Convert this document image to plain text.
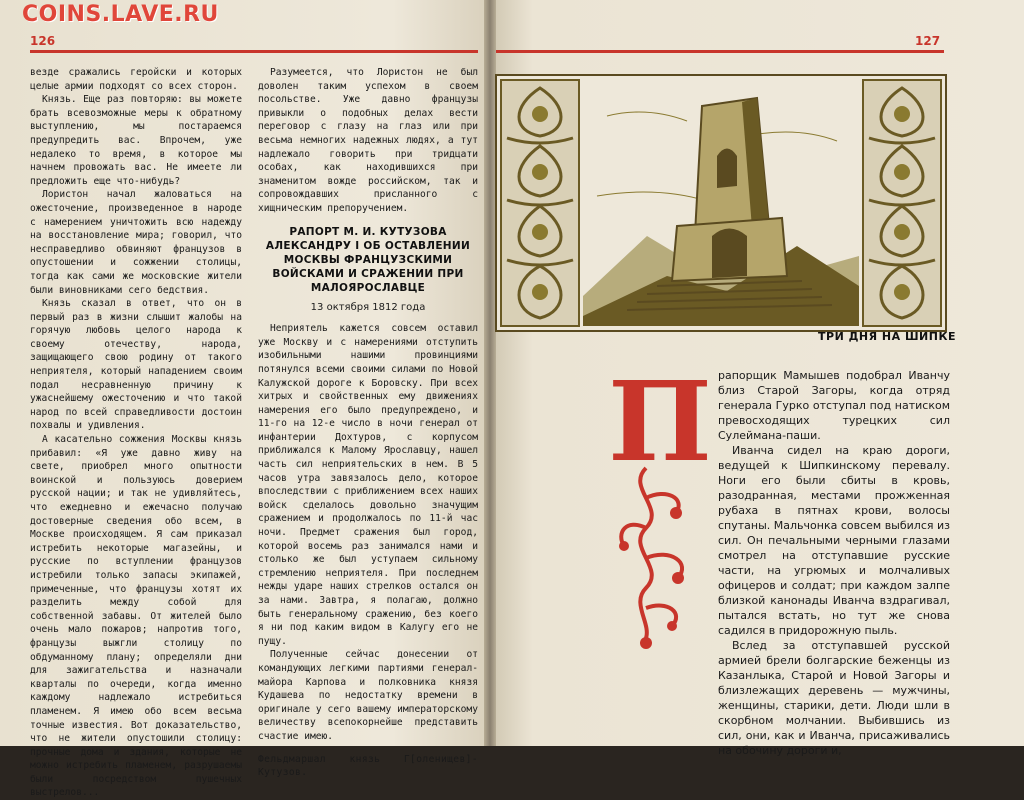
COINS.LAVE.RU
126

везде сражались геройски и которых целые армии подходят со всех сторон.

Князь. Еще раз повторяю: вы можете брать всевозможные меры к обратному выступлению, мы постараемся предупредить вас. Впрочем, уже недалеко то время, в которое мы начнем провожать вас. Не имеете ли предложить еще что-нибудь?

Лористон начал жаловаться на ожесточение, произведенное в народе с намерением уничтожить всю надежду на восстановление мира; говорил, что несправедливо обвиняют французов в опустошении и сожжении столицы, тогда как сами же московские жители были виновниками сего бедствия.

Князь сказал в ответ, что он в первый раз в жизни слышит жалобы на горячую любовь целого народа к своему отечеству, народа, защищающего свою родину от такого неприятеля, который нападением своим подал несравненную причину к ужаснейшему ожесточению и что такой народ по всей справедливости достоин похвалы и удивления.

А касательно сожжения Москвы князь прибавил: «Я уже давно живу на свете, приобрел много опытности воинской и пользуюсь доверием русской нации; и так не удивляйтесь, что ежедневно и ежечасно получаю достоверные сведения обо всем, в Москве происходящем. Я сам приказал истребить некоторые магазейны, и русские по вступлении французов истребили только запасы экипажей, примеченные, что французы хотят их разделить между собой для собственной забавы. От жителей было очень мало пожаров; напротив того, французы выжгли столицу по обдуманному плану; определяли дни для зажигательства и назначали кварталы по очереди, когда именно каждому надлежало истребиться пламенем. Я имею обо всем весьма точные известия. Вот доказательство, что не жители опустошили столицу: прочные дома и здания, которые не можно истребить пламенем, разрушаемы были посредством пушечных выстрелов...

Разумеется, что Лористон не был доволен таким успехом в своем посольстве. Уже давно французы привыкли о подобных делах вести переговор с глазу на глаз или при весьма немногих надежных людях, а тут надлежало говорить при тридцати особах, как находившихся при знаменитом вожде российском, так и сопровождавших присланного с хищническим препоручением.

РАПОРТ М. И. КУТУЗОВА АЛЕКСАНДРУ I ОБ ОСТАВЛЕНИИ МОСКВЫ ФРАНЦУЗСКИМИ ВОЙСКАМИ И СРАЖЕНИИ ПРИ МАЛОЯРОСЛАВЦЕ
13 октября 1812 года

Неприятель кажется совсем оставил уже Москву и с намерениями отступить изобильными нашими провинциями потянулся всеми своими силами по Новой Калужской дороге к Боровску. При всех хитрых и свойственных ему движениях намерения его было предупреждено, и 11-го на 12-е число в ночи генерал от инфантерии Дохтуров, с корпусом приближался к Малому Ярославцу, нашел часть сил неприятельских в нем. В 5 часов утра завязалось дело, которое впоследствии с приближением всех наших войск сделалось довольно значущим сражением и продолжалось по 11-й час ночи. Предмет сражения был город, которой восемь раз занимался нами и столько же был уступаем сильному стремлению неприятеля. При последнем нежды ударе наших стрелков остался он за нами. Завтра, я полагаю, должно быть генеральному сражению, без коего я ни под каким видом в Калугу его не пущу.

Полученные сейчас донесении от командующих легкими партиями генерал-майора Карпова и полковника князя Кудашева по недостатку времени в оригинале у сего вашему императорскому величеству всепокорнейше представить счастие имею.

Фельдмаршал князь Г[оленищев]-Кутузов.

127
ТРИ ДНЯ НА ШИПКЕ
П рапорщик Мамышев подобрал Иванчу близ Старой Загоры, когда отряд генерала Гурко отступал под натиском превосходящих турецких сил Сулеймана-паши.

Иванча сидел на краю дороги, ведущей к Шипкинскому перевалу. Ноги его были сбиты в кровь, разодранная, местами прожженная рубаха в пятнах крови, волосы спутаны. Мальчонка совсем выбился из сил. Он печальными черными глазами смотрел на отступавшие русские части, на угрюмых и молчаливых офицеров и солдат; при каждом залпе близкой канонады Иванча вздрагивал, пытался встать, но тут же снова садился в придорожную пыль.

Вслед за отступавшей русской армией брели болгарские беженцы из Казанлыка, Старой и Новой Загоры и близлежащих деревень — мужчины, женщины, старики, дети. Люди шли в скорбном молчании. Выбившись из сил, они, как и Иванча, присаживались на обочину дороги и,
